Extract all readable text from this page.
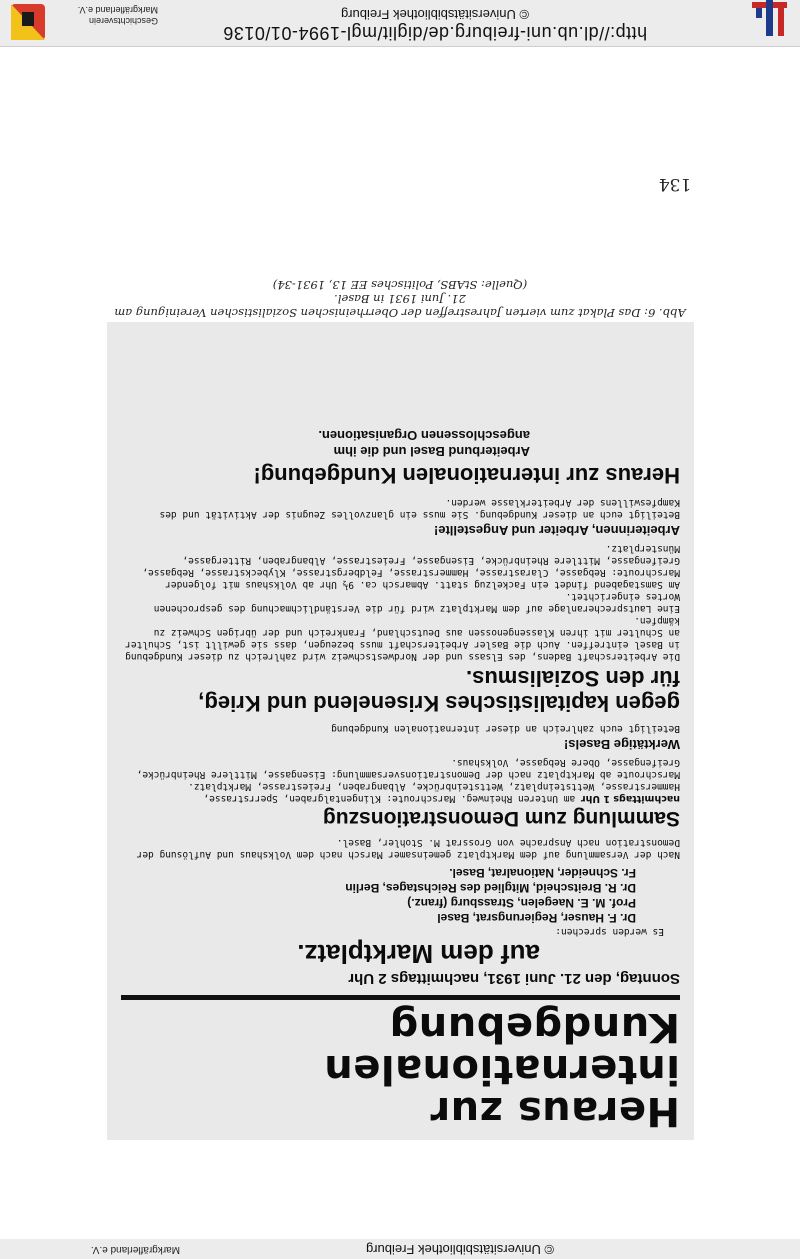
Geschichtsverein
Markgräflerland e.V.
http://dl.ub.uni-freiburg.de/diglit/mgl-1994-01/0136
© Universitätsbibliothek Freiburg
134
Abb. 6: Das Plakat zum vierten Jahrestreffen der Oberrheinischen Sozialistischen Vereinigung am
21. Juni 1931 in Basel.
(Quelle: StABS, Politisches EE 13, 1931-34)
Heraus zur
internationalen Kundgebung
Sonntag, den 21. Juni 1931, nachmittags 2 Uhr
auf dem Marktplatz.
Es werden sprechen:
Dr. F. Hauser, Regierungsrat, Basel
Prof. M. E. Naegelen, Strassburg (franz.)
Dr. R. Breitscheid, Mitglied des Reichstages, Berlin
Fr. Schneider, Nationalrat, Basel.
Nach der Versammlung auf dem Marktplatz gemeinsamer Marsch nach dem Volkshaus und Auflösung der Demonstration nach Ansprache von Grossrat M. Stohler, Basel.
Sammlung zum Demonstrationszug
nachmittags 1 Uhr am Unteren Rheinweg. Marschroute: Klingentalgraben, Sperrstrasse, Hammerstrasse, Wettsteinplatz, Wettsteinbrücke, Albangraben, Freiestrasse, Marktplatz. Marschroute ab Marktplatz nach der Demonstrationsversammlung: Eisengasse, Mittlere Rheinbrücke, Greifengasse, Obere Rebgasse, Volkshaus.
Werktätige Basels!
Beteiligt euch zahlreich an dieser internationalen Kundgebung
gegen kapitalistisches Krisenelend und Krieg,
für den Sozialismus.
Die Arbeiterschaft Badens, des Elsass und der Nordwestschweiz wird zahlreich zu dieser Kundgebung in Basel eintreffen. Auch die Basler Arbeiterschaft muss bezeugen, dass sie gewillt ist, Schulter an Schulter mit ihren Klassengenossen aus Deutschland, Frankreich und der übrigen Schweiz zu kämpfen.
Eine Lautsprecheranlage auf dem Marktplatz wird für die Verständlichmachung des gesprochenen Wortes eingerichtet.
Am Samstagabend findet ein Fackelzug statt. Abmarsch ca. 9½ Uhr ab Volkshaus mit folgender Marschroute: Rebgasse, Clarastrasse, Hammerstrasse, Feldbergstrasse, Klybeckstrasse, Rebgasse, Greifengasse, Mittlere Rheinbrücke, Eisengasse, Freiestrasse, Albangraben, Rittergasse, Münsterplatz.
Arbeiterinnen, Arbeiter und Angestellte!
Beteiligt euch an dieser Kundgebung. Sie muss ein glanzvolles Zeugnis der Aktivität und des Kampfeswillens der Arbeiterklasse werden.
Heraus zur internationalen Kundgebung!
Arbeiterbund Basel und die ihm
angeschlossenen Organisationen.
© Universitätsbibliothek Freiburg
Markgräflerland e.V.
